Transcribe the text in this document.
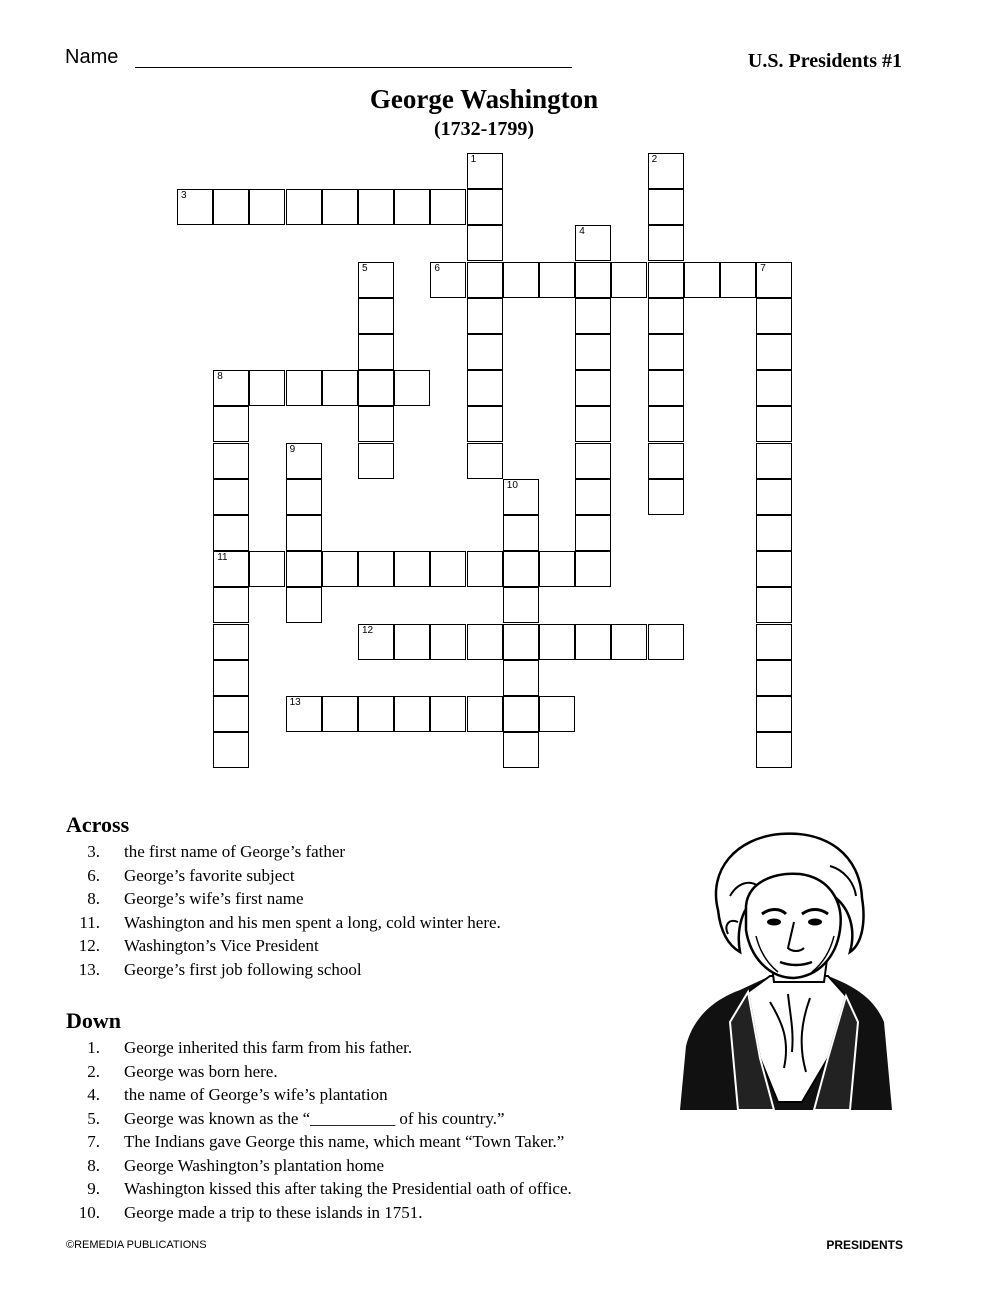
Name	U.S. Presidents #1
George Washington
(1732-1799)
1	2
3
4
5	6	7
8
11
9
10
12
13
Across
3. the first name of George’s father
6. George’s favorite subject
8. George’s wife’s first name
11. Washington and his men spent a long, cold winter here.
12. Washington’s Vice President
13. George’s first job following school
Down
1. George inherited this farm from his father.
2. George was born here.
4. the name of George’s wife’s plantation
5. George was known as the “__________ of his country.”
7. The Indians gave George this name, which meant “Town Taker.”
8. George Washington’s plantation home
9. Washington kissed this after taking the Presidential oath of office.
10. George made a trip to these islands in 1751.
©REMEDIA PUBLICATIONS	PRESIDENTS
